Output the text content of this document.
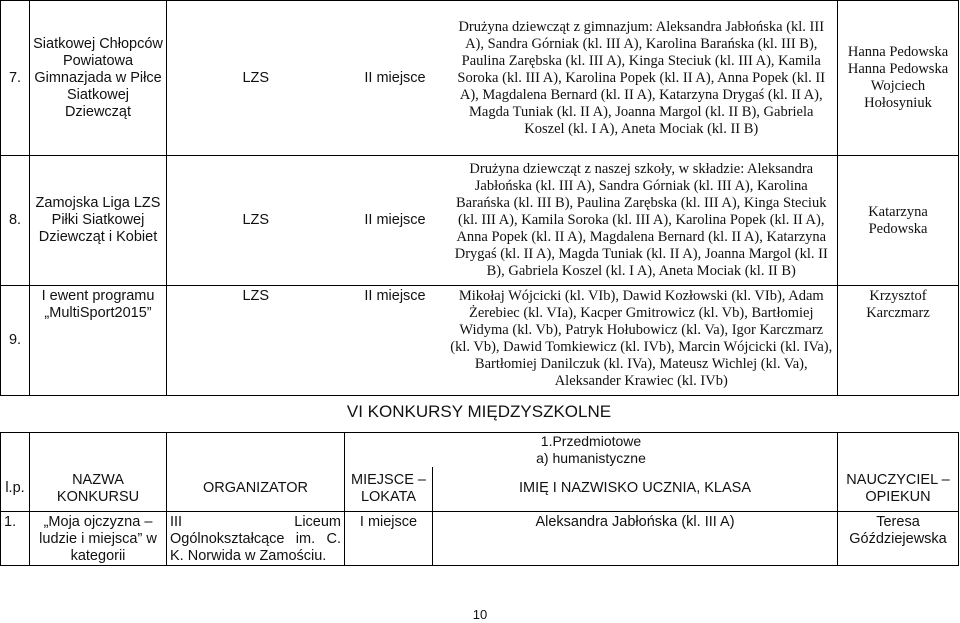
7.	Siatkowej Chłopców Powiatowa Gimnazjada w Piłce Siatkowej Dziewcząt	LZS	II miejsce	Drużyna dziewcząt z gimnazjum: Aleksandra Jabłońska (kl. III A), Sandra Górniak (kl. III A), Karolina Barańska (kl. III B), Paulina Zarębska (kl. III A), Kinga Steciuk (kl. III A), Kamila Soroka (kl. III A), Karolina Popek (kl. II A), Anna Popek (kl. II A), Magdalena Bernard (kl. II A), Katarzyna Drygaś (kl. II A), Magda Tuniak (kl. II A), Joanna Margol (kl. II B), Gabriela Koszel (kl. I A), Aneta Mociak (kl. II B)	Hanna Pedowska Hanna Pedowska Wojciech Hołosyniuk
8.	Zamojska Liga LZS Piłki Siatkowej Dziewcząt i Kobiet	LZS	II miejsce	Drużyna dziewcząt z naszej szkoły, w składzie: Aleksandra Jabłońska (kl. III A), Sandra Górniak (kl. III A), Karolina Barańska (kl. III B), Paulina Zarębska (kl. III A), Kinga Steciuk (kl. III A), Kamila Soroka (kl. III A), Karolina Popek (kl. II A), Anna Popek (kl. II A), Magdalena Bernard (kl. II A), Katarzyna Drygaś (kl. II A), Magda Tuniak (kl. II A), Joanna Margol (kl. II B), Gabriela Koszel (kl. I A), Aneta Mociak (kl. II B)	Katarzyna Pedowska
9.	I ewent programu „MultiSport2015”	LZS	II miejsce	Mikołaj Wójcicki (kl. VIb), Dawid Kozłowski (kl. VIb), Adam Żerebiec (kl. VIa), Kacper Gmitrowicz (kl. Vb), Bartłomiej Widyma (kl. Vb), Patryk Hołubowicz (kl. Va), Igor Karczmarz (kl. Vb), Dawid Tomkiewicz (kl. IVb), Marcin Wójcicki (kl. IVa), Bartłomiej Danilczuk (kl. IVa), Mateusz Wichlej (kl. Va), Aleksander Krawiec (kl. IVb)	Krzysztof Karczmarz
VI KONKURSY MIĘDZYSZKOLNE

			1.Przedmiotowe
a) humanistyczne		

l.p.	NAZWA KONKURSU	ORGANIZATOR	MIEJSCE – LOKATA	IMIĘ I NAZWISKO UCZNIA, KLASA	NAUCZYCIEL – OPIEKUN
1.	„Moja ojczyzna – ludzie i miejsca” w kategorii	III Liceum Ogólnokształcące im. C. K. Norwida w Zamościu.	I miejsce	Aleksandra Jabłońska (kl. III A)	Teresa Góździejewska
10
